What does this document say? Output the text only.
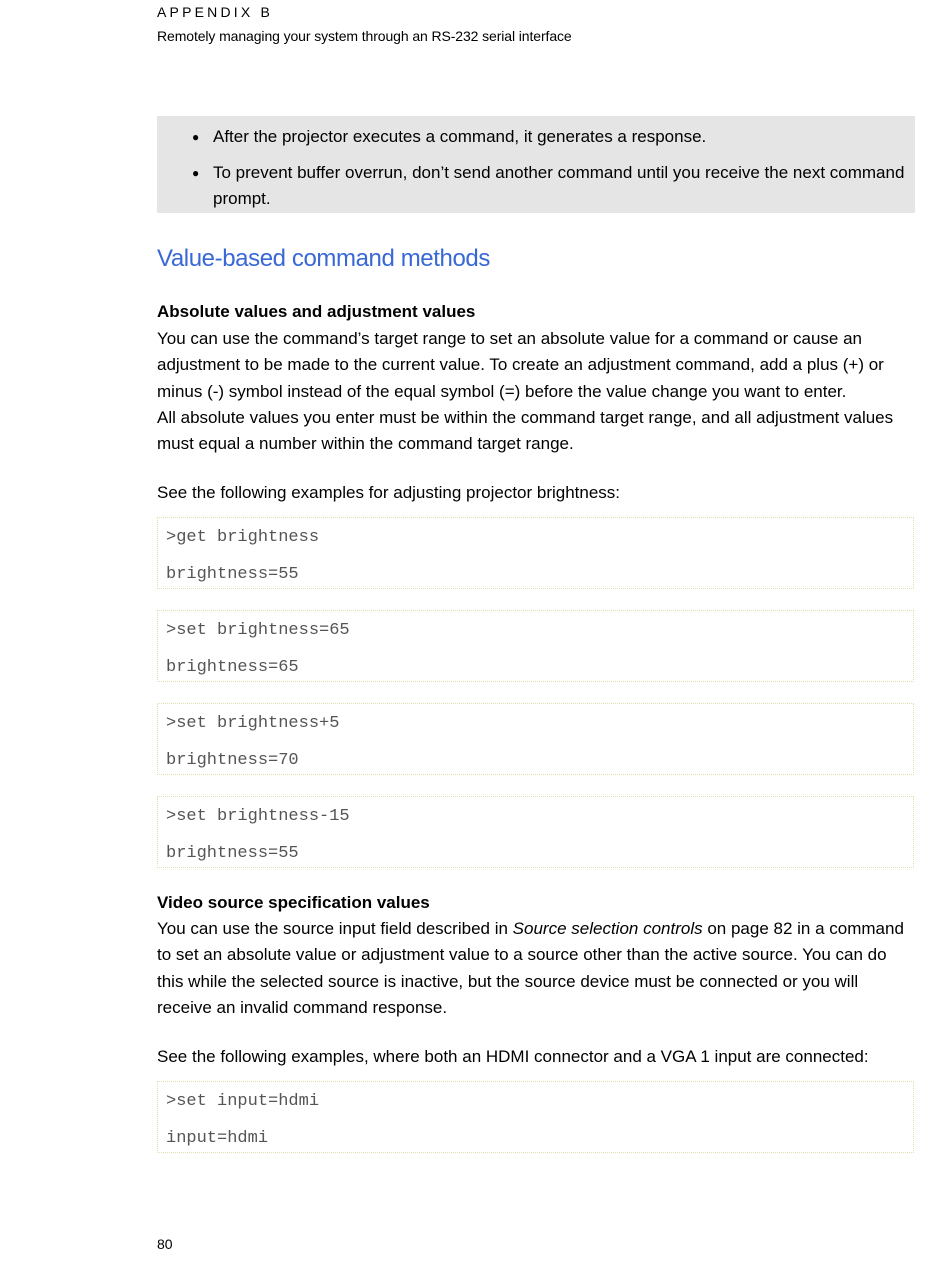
APPENDIX B
Remotely managing your system through an RS-232 serial interface
● After the projector executes a command, it generates a response.
● To prevent buffer overrun, don’t send another command until you receive the next command prompt.
Value-based command methods
Absolute values and adjustment values
You can use the command’s target range to set an absolute value for a command or cause an adjustment to be made to the current value. To create an adjustment command, add a plus (+) or minus (-) symbol instead of the equal symbol (=) before the value change you want to enter.
All absolute values you enter must be within the command target range, and all adjustment values must equal a number within the command target range.
See the following examples for adjusting projector brightness:
>get brightness
brightness=55
>set brightness=65
brightness=65
>set brightness+5
brightness=70
>set brightness-15
brightness=55
Video source specification values
You can use the source input field described in Source selection controls on page 82 in a command to set an absolute value or adjustment value to a source other than the active source. You can do this while the selected source is inactive, but the source device must be connected or you will receive an invalid command response.
See the following examples, where both an HDMI connector and a VGA 1 input are connected:
>set input=hdmi
input=hdmi
80
